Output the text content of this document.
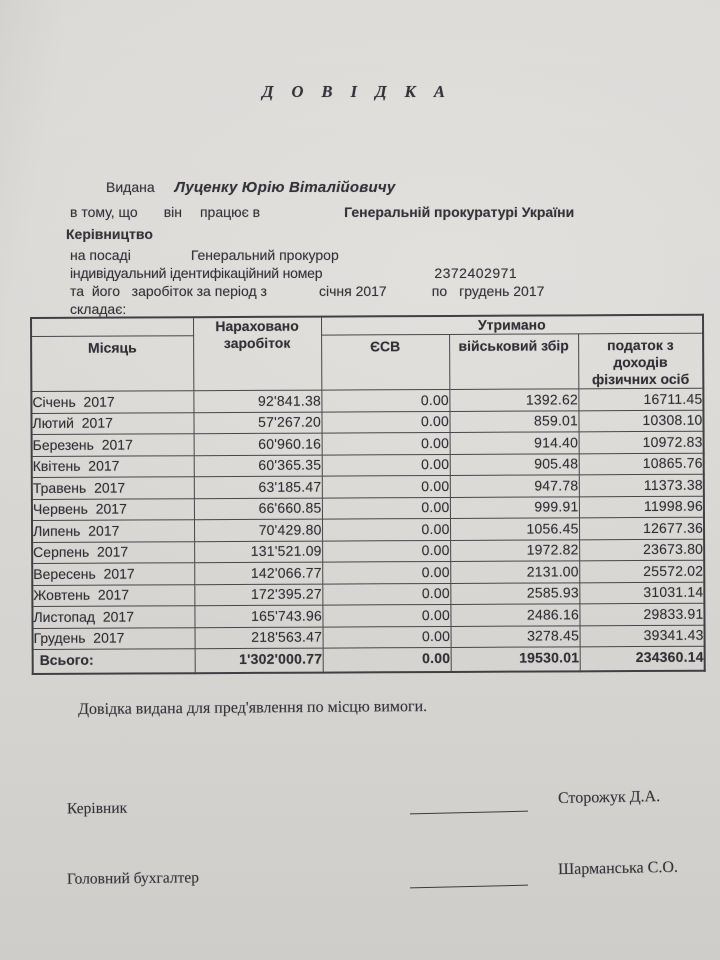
Д О В І Д К А
Видана Луценку Юрію Віталійовичу
в тому, що він працює в	Генеральній прокуратурі України
Керівництво
на посаді	Генеральний прокурор
індивідуальний ідентифікаційний номер	2372402971
та  його   заробіток за період з	січня 2017	по грудень 2017
складає:

	Нараховано
заробіток	Утримано		
Місяць		ЄСВ	військовий збір	податок з доходів
фізичних осіб

Січень  2017	92'841.38	0.00	1392.62	16711.45
Лютий  2017	57'267.20	0.00	859.01	10308.10
Березень  2017	60'960.16	0.00	914.40	10972.83
Квітень  2017	60'365.35	0.00	905.48	10865.76
Травень  2017	63'185.47	0.00	947.78	11373.38
Червень  2017	66'660.85	0.00	999.91	11998.96
Липень  2017	70'429.80	0.00	1056.45	12677.36
Серпень  2017	131'521.09	0.00	1972.82	23673.80
Вересень  2017	142'066.77	0.00	2131.00	25572.02
Жовтень  2017	172'395.27	0.00	2585.93	31031.14
Листопад  2017	165'743.96	0.00	2486.16	29833.91
Грудень  2017	218'563.47	0.00	3278.45	39341.43
Всього:	1'302'000.77	0.00	19530.01	234360.14
Довідка видана для пред'явлення по місцю вимоги.
Керівник
Сторожук Д.А.
Головний бухгалтер
Шарманська С.О.
